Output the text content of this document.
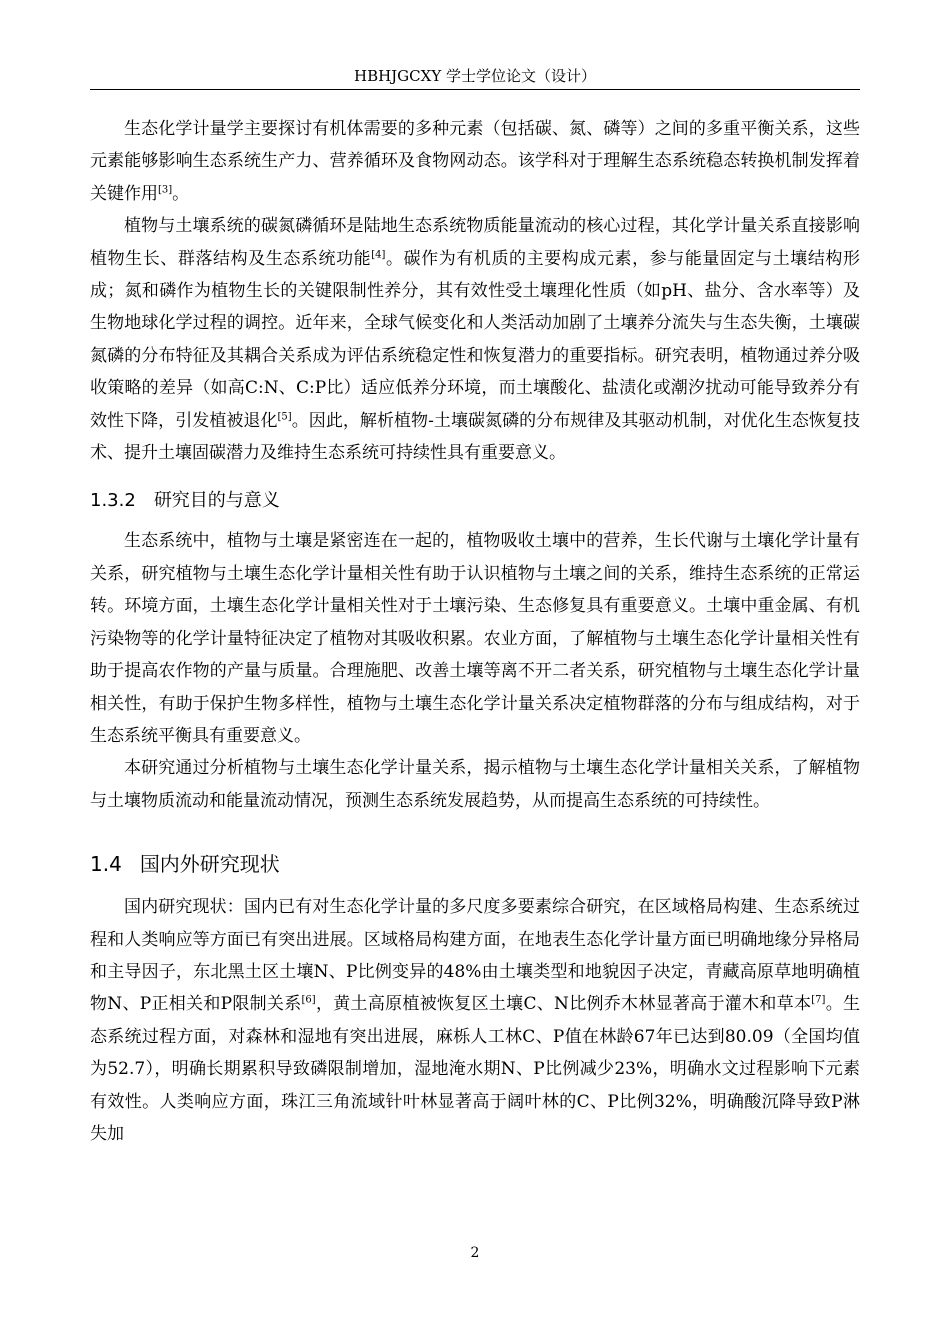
HBHJGCXY 学士学位论文（设计）

生态化学计量学主要探讨有机体需要的多种元素（包括碳、氮、磷等）之间的多重平衡关系，这些元素能够影响生态系统生产力、营养循环及食物网动态。该学科对于理解生态系统稳态转换机制发挥着关键作用[3]。

植物与土壤系统的碳氮磷循环是陆地生态系统物质能量流动的核心过程，其化学计量关系直接影响植物生长、群落结构及生态系统功能[4]。碳作为有机质的主要构成元素，参与能量固定与土壤结构形成；氮和磷作为植物生长的关键限制性养分，其有效性受土壤理化性质（如pH、盐分、含水率等）及生物地球化学过程的调控。近年来，全球气候变化和人类活动加剧了土壤养分流失与生态失衡，土壤碳氮磷的分布特征及其耦合关系成为评估系统稳定性和恢复潜力的重要指标。研究表明，植物通过养分吸收策略的差异（如高C:N、C:P比）适应低养分环境，而土壤酸化、盐渍化或潮汐扰动可能导致养分有效性下降，引发植被退化[5]。因此，解析植物-土壤碳氮磷的分布规律及其驱动机制，对优化生态恢复技术、提升土壤固碳潜力及维持生态系统可持续性具有重要意义。

1.3.2 研究目的与意义

生态系统中，植物与土壤是紧密连在一起的，植物吸收土壤中的营养，生长代谢与土壤化学计量有关系，研究植物与土壤生态化学计量相关性有助于认识植物与土壤之间的关系，维持生态系统的正常运转。环境方面，土壤生态化学计量相关性对于土壤污染、生态修复具有重要意义。土壤中重金属、有机污染物等的化学计量特征决定了植物对其吸收积累。农业方面，了解植物与土壤生态化学计量相关性有助于提高农作物的产量与质量。合理施肥、改善土壤等离不开二者关系，研究植物与土壤生态化学计量相关性，有助于保护生物多样性，植物与土壤生态化学计量关系决定植物群落的分布与组成结构，对于生态系统平衡具有重要意义。

本研究通过分析植物与土壤生态化学计量关系，揭示植物与土壤生态化学计量相关关系，了解植物与土壤物质流动和能量流动情况，预测生态系统发展趋势，从而提高生态系统的可持续性。

1.4 国内外研究现状

国内研究现状：国内已有对生态化学计量的多尺度多要素综合研究，在区域格局构建、生态系统过程和人类响应等方面已有突出进展。区域格局构建方面，在地表生态化学计量方面已明确地缘分异格局和主导因子，东北黑土区土壤N、P比例变异的48%由土壤类型和地貌因子决定，青藏高原草地明确植物N、P正相关和P限制关系[6]，黄土高原植被恢复区土壤C、N比例乔木林显著高于灌木和草本[7]。生态系统过程方面，对森林和湿地有突出进展，麻栎人工林C、P值在林龄67年已达到80.09（全国均值为52.7），明确长期累积导致磷限制增加，湿地淹水期N、P比例减少23%，明确水文过程影响下元素有效性。人类响应方面，珠江三角流域针叶林显著高于阔叶林的C、P比例32%，明确酸沉降导致P淋失加

2
